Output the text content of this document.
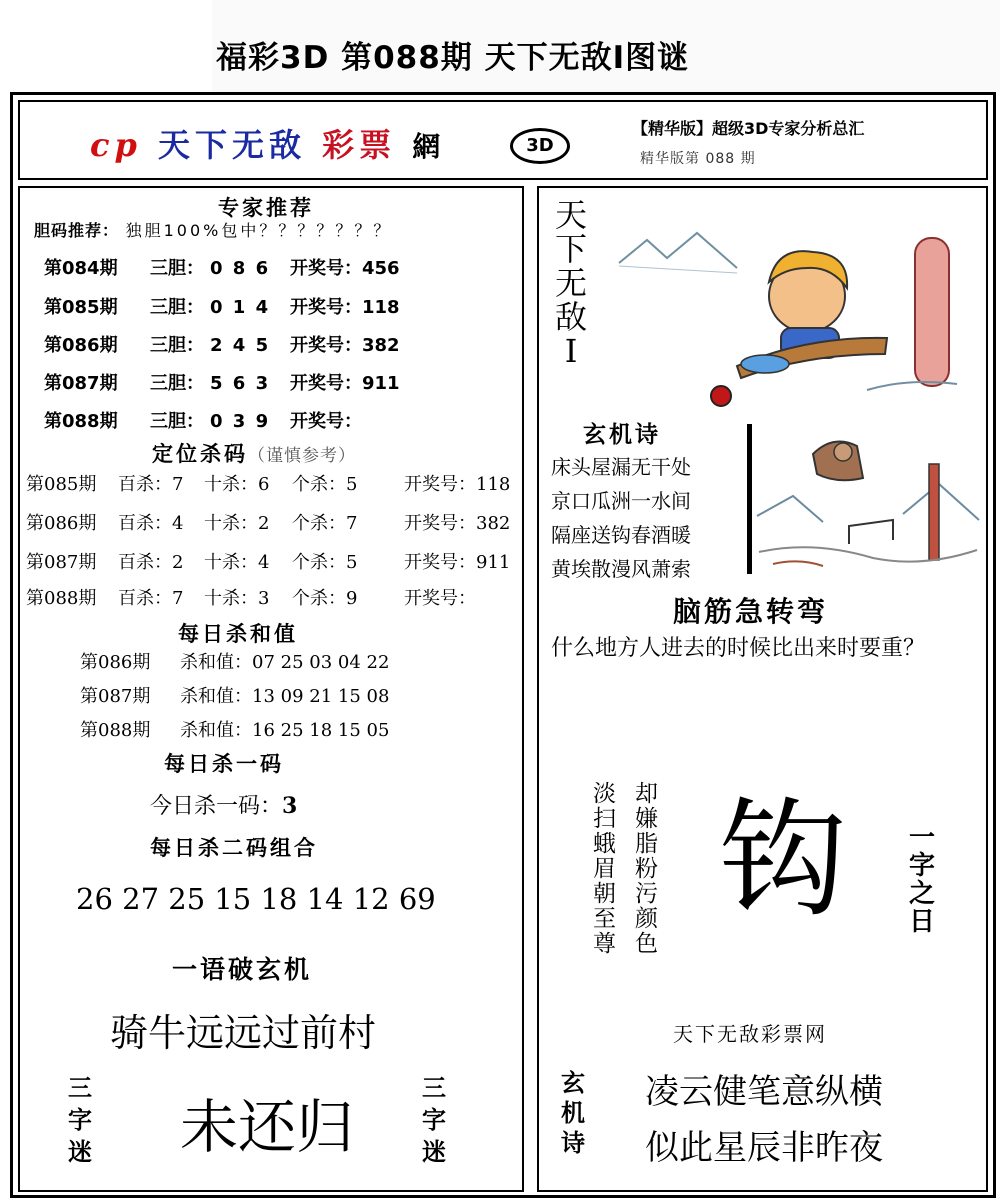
福彩3D 第088期 天下无敌Ⅰ图谜
cp 天下无敌 彩票 網	3D
【精华版】超级3D专家分析总汇
精华版第 088 期
专家推荐
胆码推荐： 独胆100%包中？？？？？？？
第084期 三胆： 0 8 6 开奖号：456
第085期 三胆： 0 1 4 开奖号：118
第086期 三胆： 2 4 5 开奖号：382
第087期 三胆： 5 6 3 开奖号：911
第088期 三胆： 0 3 9 开奖号：
定位杀码（谨慎参考）
第085期 百杀：7 十杀：6 个杀：5	开奖号：118
第086期 百杀：4 十杀：2 个杀：7	开奖号：382
第087期 百杀：2 十杀：4 个杀：5	开奖号：911
第088期 百杀：7 十杀：3 个杀：9	开奖号：
每日杀和值
第086期 杀和值：07 25 03 04 22
第087期 杀和值：13 09 21 15 08
第088期 杀和值：16 25 18 15 05
每日杀一码
今日杀一码：3
每日杀二码组合
26 27 25 15 18 14 12 69
一语破玄机
骑牛远远过前村
三
字
迷 未还归
三
字
迷
天
下
无
敌
Ⅰ
玄机诗
床头屋漏无干处
京口瓜洲一水间
隔座送钩春酒暖
黄埃散漫风萧索
脑筋急转弯
什么地方人进去的时候比出来时要重？
却嫌脂粉污颜色
淡扫蛾眉朝至尊
钩 一
字
之
日
天下无敌彩票网
玄
机
诗
凌云健笔意纵横
似此星辰非昨夜
